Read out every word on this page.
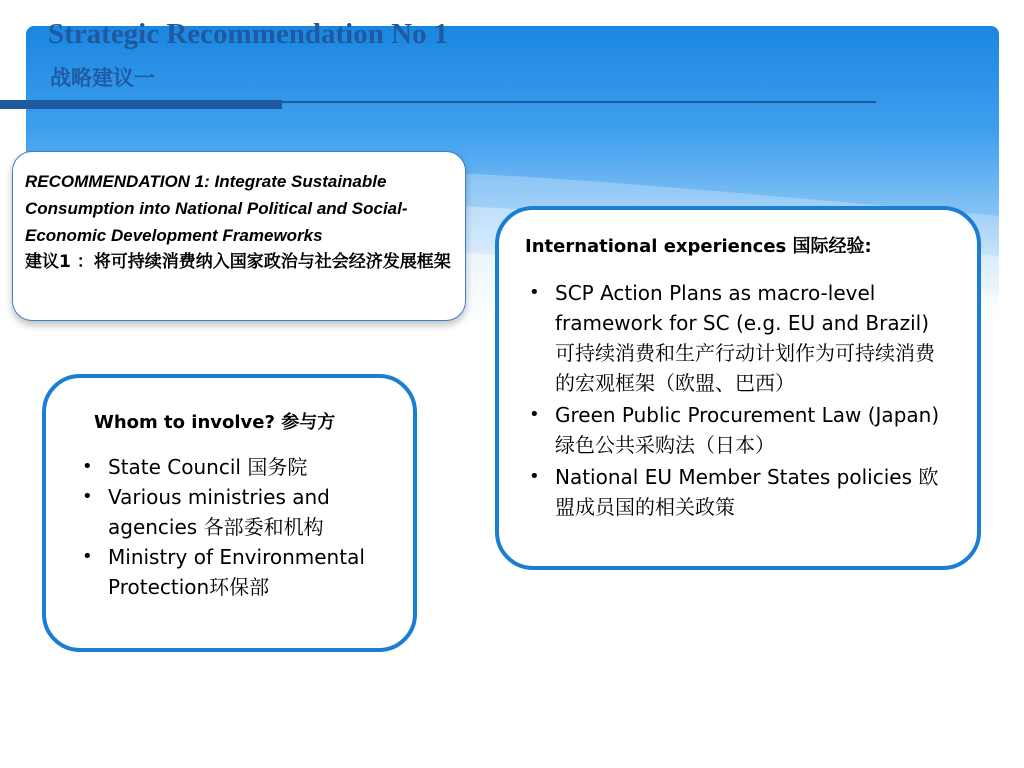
Strategic Recommendation No 1
战略建议一

RECOMMENDATION 1: Integrate Sustainable Consumption into National Political and Social-Economic Development Frameworks

建议1 ：将可持续消费纳入国家政治与社会经济发展框架

International experiences 国际经验:

• SCP Action Plans as macro-level framework for SC (e.g. EU and Brazil) 可持续消费和生产行动计划作为可持续消费的宏观框架（欧盟、巴西）
• Green Public Procurement Law (Japan) 绿色公共采购法（日本）
• National EU Member States policies 欧盟成员国的相关政策

Whom to involve? 参与方

• State Council 国务院
• Various ministries and agencies 各部委和机构
• Ministry of Environmental Protection环保部
